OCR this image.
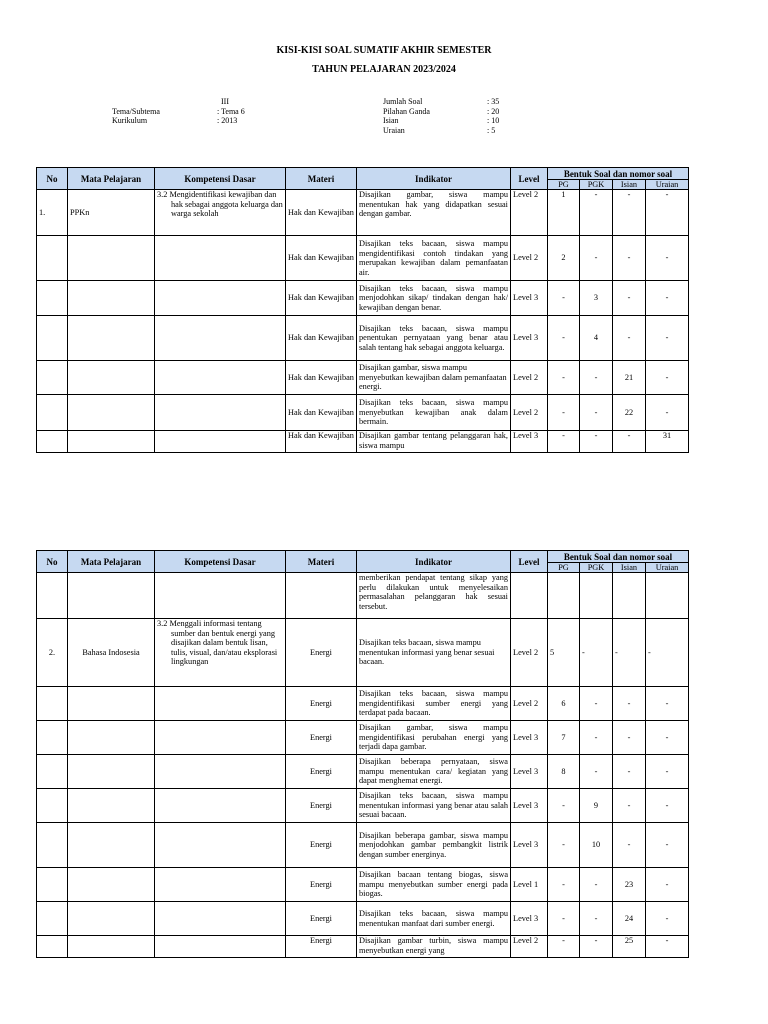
KISI-KISI SOAL SUMATIF AKHIR SEMESTER
TAHUN PELAJARAN 2023/2024
III
Tema/Subtema	: Tema 6
Kurikulum	: 2013
Jumlah Soal	: 35
Pilahan Ganda	: 20
Isian	: 10
Uraian	: 5
No	Mata Pelajaran	Kompetensi Dasar	Materi	Indikator	Level	Bentuk Soal dan nomor soal			
						PG	PGK	Isian	Uraian
1.	PPKn	3.2 Mengidentifikasi kewajiban dan hak sebagai anggota keluarga dan warga sekolah	Hak dan Kewajiban	Disajikan gambar, siswa mampu menentukan hak yang didapatkan sesuai dengan gambar.	Level 2	1	-	-	-
			Hak dan Kewajiban	Disajikan teks bacaan, siswa mampu mengidentifikasi contoh tindakan yang merupakan kewajiban dalam pemanfaatan air.	Level 2	2	-	-	-
			Hak dan Kewajiban	Disajikan teks bacaan, siswa mampu menjodohkan sikap/ tindakan dengan hak/ kewajiban dengan benar.	Level 3	-	3	-	-
			Hak dan Kewajiban	Disajikan teks bacaan, siswa mampu penentukan pernyataan yang benar atau salah tentang hak sebagai anggota keluarga.	Level 3	-	4	-	-
			Hak dan Kewajiban	Disajikan gambar, siswa mampu menyebutkan kewajiban dalam pemanfaatan energi.	Level 2	-	-	21	-
			Hak dan Kewajiban	Disajikan teks bacaan, siswa mampu menyebutkan kewajiban anak dalam bermain.	Level 2	-	-	22	-
			Hak dan Kewajiban	Disajikan gambar tentang pelanggaran hak, siswa mampu	Level 3	-	-	-	31
No	Mata Pelajaran	Kompetensi Dasar	Materi	Indikator	Level	Bentuk Soal dan nomor soal			
						PG	PGK	Isian	Uraian
				memberikan pendapat tentang sikap yang perlu dilakukan untuk menyelesaikan permasalahan pelanggaran hak sesuai tersebut.					
2.	Bahasa Indosesia	3.2 Menggali informasi tentang sumber dan bentuk energi yang disajikan dalam bentuk lisan, tulis, visual, dan/atau eksplorasi lingkungan	Energi	Disajikan teks bacaan, siswa mampu menentukan informasi yang benar sesuai bacaan.	Level 2	5	-	-	-
			Energi	Disajikan teks bacaan, siswa mampu mengidentifikasi sumber energi yang terdapat pada bacaan.	Level 2	6	-	-	-
			Energi	Disajikan gambar, siswa mampu mengidentifikasi perubahan energi yang terjadi dapa gambar.	Level 3	7	-	-	-
			Energi	Disajikan beberapa pernyataan, siswa mampu menentukan cara/ kegiatan yang dapat menghemat energi.	Level 3	8	-	-	-
			Energi	Disajikan teks bacaan, siswa mampu menentukan informasi yang benar atau salah sesuai bacaan.	Level 3	-	9	-	-
			Energi	Disajikan beberapa gambar, siswa mampu menjodohkan gambar pembangkit listrik dengan sumber energinya.	Level 3	-	10	-	-
			Energi	Disajikan bacaan tentang biogas, siswa mampu menyebutkan sumber energi pada biogas.	Level 1	-	-	23	-
			Energi	Disajikan teks bacaan, siswa mampu menentukan manfaat dari sumber energi.	Level 3	-	-	24	-
			Energi	Disajikan gambar turbin, siswa mampu menyebutkan energi yang	Level 2	-	-	25	-
